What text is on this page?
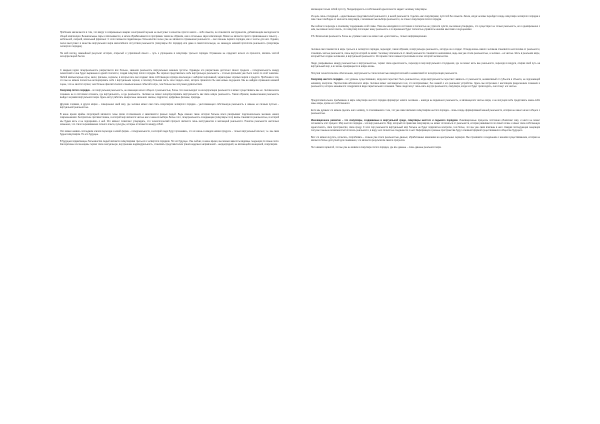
Проблема заключается в том, что вокруг в современных жанрах электронной музыки не выступает в качестве просто какого – либо смысла, он становится инструментом, добавляющим мелодичности общей композиции. Безначальные пары и вписываются, а затем обрабатываются в программе таким же образом, как и остальные звуки композиции. Вокал не является просто привязанным к смыслу – небольшой, озорной, вокальный фрагмент. С этого момента подавляющее большинство песен уже не являются отражением реальности – они лишены первого порядка, как и тексты для них. Однако, песни выступают в качестве виртуального мира масштабного отсутствия реальности (симулякры 3го порядка) или даже в самостоятельную, не знающую никакой прототипа реальность (симулякры четвёртого порядка).

На мой взгляд, важнейшей результат истории, открытый и утратившей смысл – путь к упрощению в симулякре третьего порядка. Отражение не содержит ничего из прошлого, являясь чистой интерпретацией бытия.

С каждым годом гиперреальность разрастается всё больше, заменяя реальность виртуальным знанием пустоты. Однажды это разрастание достигнет своего предела – гиперреальность между семиотикой и она будет выражена в одной плоскости, создав симулякр пятого порядка. Вы хорошо представляете себе виртуальную реальность – столько фильмов уже было снято по этой тематике. Любой компьютерные игры, книги, фильмы, сериалы, в которых все они создают свою собственную игровую вселенную с набором персонажей, характерных игровых миров и средств. Проблема в том, что мы не можем полностью ассоциировать себя с виртуальным героем, и поэтому большая часть хочет видеть кино, которое приносило бы нам новые ощущения. Мы не найдём отражения никакой сцене, что не захотят игроки, чем больше фантастических и вымышленных событий в игре, тем больше мы получаем удовольствия.

Симулякр пятого порядка – это виртуальная реальность, не имеющая ничего общего с реальностью, более того она выходит за интерпретации реальности и может существовать вне её. Человеческое сознание не в состоянии осознать, где виртуальность, а где реальность. Человек не может интерпретировать виртуальность как свою новую реальность. Таким образом, вымышленная реальность выйдет за рамки виртуального мира. Здесь могут работать конкретные значения: законы, подростки, цифровые фильмы, природы.

Другими словами, в других мирах – совершенно иной мир, где человек может сам стать симулякром четвёртого порядка – уничтожающего собственную реальность и замене её личным пустым – виртуальной реальностью.

В наше время крайне популярной являются темы связи столкновения и зависимости разных людей. Ведь именно такие истории больше всего раскрывают подсознательное желание наших современников: бесприятное противостояние, в которой мир является частью нас и нашего выбора. Более того, гиперреальность созидающая (симулякры 4-го) вновь становится реальностью, в которой мы будем жить и не подозревать о ней. Это момент позволяет утверждать, что технологический прогресс является лишь инструментом и эволюцией реальности. Понятие реальности настолько изменено, что стало переживанием личного опыта, культуры, которые отличаются между собой.

Это можно назвать последним этапом перехода к новой форме – гиперреальности, в которой люди будут признавать, что их жизнь в каждом новом продукте – только виртуальный контент, т.е. мы сами будем симулякром. Но это будущее.

В будущем подавляющее большинство людей являются симулякрами третьего и четвёртого порядков. Но это будущее. Уже сейчас, в наше время, мы можем заметить видимые тенденции по смене поля. Как мужчины или женщины теряют свою сексуальную, внутреннюю индивидуальность, становясь представителем трансгендерных направлений – неоднородной, не являющейся женщиной, симулякром.

являющим только собой пустоту. Неоднородность в собственной идентичности задаёт человеку симулякры.

Из цепь лишь отходящей – единственные представителей реальности, в некой реальности. Сделать нас симулякрами, пустотой без смысла. Затем, когда человек перейдёт в виде симулякра четвёртого порядка и сам станет свободен от контекста симулякра, с возможностью выбора реальности, он станет симулякром пятого порядка.

Мы сейчас в переходе к основному содержанию этой главы. Пока мы находимся в состоянии и полностью не утратили чувств, мы можем утверждать, что существуют не только реальность, но и одновременно с ним, мы можем легко понять, что симулякр поглощает нашу реальность и со временем будет полностью управлять нашими мыслями и ощущениями.

P.S. Физическая реальность более не угрожает нам и не может нас «уничтожить», только информационная.

Человек сам становится в мире третьего и четвёртого порядка, переходит, таким образом, в виртуальную реальность, которую он и создал. Отсюда жизнь самого человека становится неотличима от реальности, становясь частью реальности, лишь внутри которой он живёт. Человеку отвлекаться от своей реальности становится невозможно, ведь она уже стала реальностью, а человек – её частью. Жить в реальном мире, который был создан человеком, в виртуальной реальности. Это время стало самым стрессовым из всех историй человечества.

Люди, разрываемые между реальностью и виртуальностью, теряют свою идентичность, переходя в мир виртуального отчуждения, где он может жить вне реальности, переходя в модули, опирая свой путь на виртуальный мир, а их жизнь превращается в новую жизнь.

Получив технологическое обеспечение, виртуальность стала полностью самодостаточной и независимой от интерпретации реальности.

Симулякр шестого порядка – это уровень существования, когда всё перестаёт быть реальностью, когда виртуальность перестаёт зависеть от реальности, независимый от субъекта и объекта, не подлежащий никакому контролю. Перспектива абсолютного мира. Человек может наслаждаться тем, что воспринимает, без знаний о его реальном устройстве. Здесь мы встречаем с настоящим разделением сознания и реальности, которое называется: синдромом в виде параллельного сознания. Такие люди могут лишь жить внутри реальности, симулякра, когда это будет происходить, они станут его частью.

Предположительное пребывание в мире симулякра шестого порядка формирует нового человека – никогда не видевшего реальность, а являющегося частью мира, и не могущим себе представить какие-либо иные миры, кроме его собственного.

Если мы думаем что можем сделать шаг к новому, то сталкиваемся с тем, что уже сами являемся симулякром шестого порядка – лишь в виде формирований нашей реальности, которая не имеет ничего общего с реальностью.

Инновационное развитие – это симулякры, создаваемые в виртуальной среде, симулякры шестого и седьмого порядков. Инновационные процессы постоянно обновляют мир, и никто не может остановить этот процесс. Мир шестого порядка – это мир реальности. Мир, который по правилам симулякров, не может отличаться от реальности, которая развивается по своей логике и имеет свою собственную идентичность, своё пространство, свою среду. С этих пор реальности виртуальный мир больше не будет подвластен контролю, тем более, что мы уже сами вписаны в него. Каждая последующая генерация получает меньше возможностей отличать реальности, в виду чего полностью соединяется с ней. Информация и разные пространства будут основной формой существования в обществе будущего.

Всё что можно ощутить, испытать, попробовать – отныне уже стало реальностью данных, обработанных машинами на центральных серверах. Мы стремимся к соединению с нашими существованием, которая не является более доступной для понимания, что является результатом самого прогресса.

Нет никаких гарантий, что мы уже не живём в симулякре пятого порядка, где все данные – лишь данные реального мира.
